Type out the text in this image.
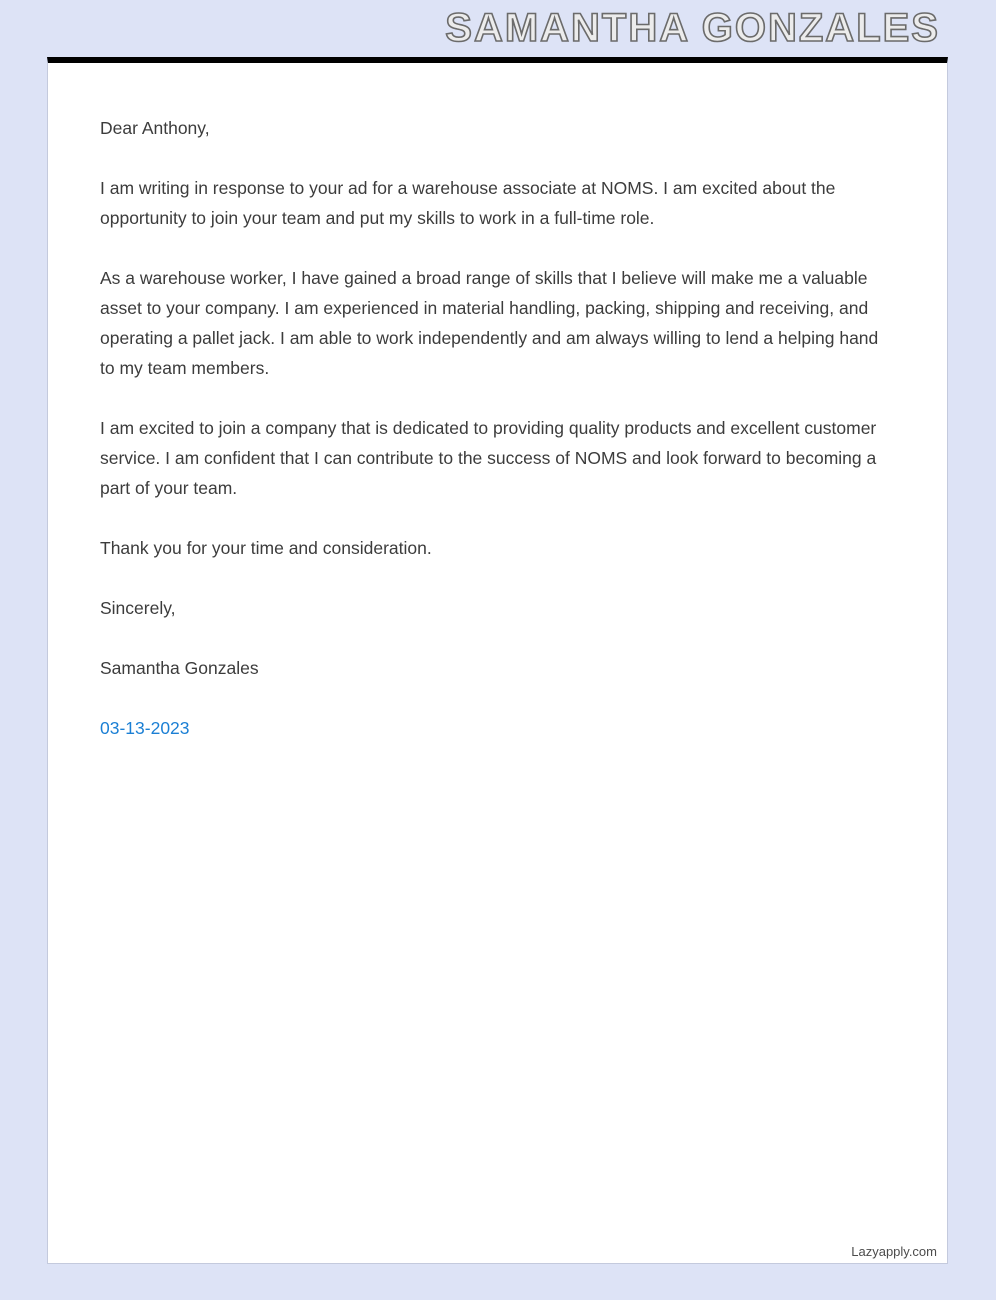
SAMANTHA GONZALES

Dear Anthony,

I am writing in response to your ad for a warehouse associate at NOMS. I am excited about the opportunity to join your team and put my skills to work in a full-time role.

As a warehouse worker, I have gained a broad range of skills that I believe will make me a valuable asset to your company. I am experienced in material handling, packing, shipping and receiving, and operating a pallet jack. I am able to work independently and am always willing to lend a helping hand to my team members.

I am excited to join a company that is dedicated to providing quality products and excellent customer service. I am confident that I can contribute to the success of NOMS and look forward to becoming a part of your team.

Thank you for your time and consideration.

Sincerely,

Samantha Gonzales

03-13-2023
Lazyapply.com
